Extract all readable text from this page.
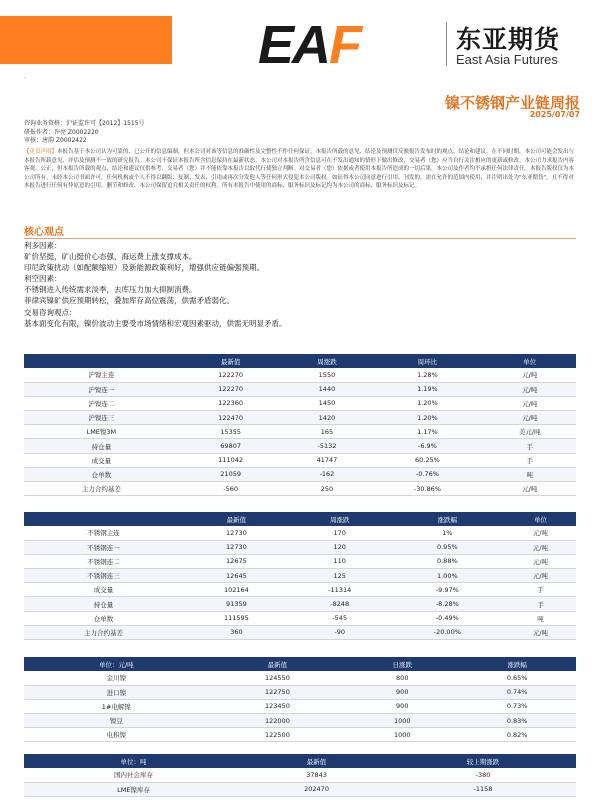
EAF	东亚期货
East Asia Futures
·
镍不锈钢产业链周报
2025/07/07
咨询业务资格：沪证监许可【2012】1515号
研报作者：许亮 Z0002220
审核：唐韵 Z0002422
【免责声明】本报告基于本公司认为可靠的、已公开的信息编制，但本公司对该等信息的准确性及完整性不作任何保证。本报告所载的意见、结论及预测仅反映报告发布时的观点、结论和建议。在不同时期，本公司可能会发出与本报告所载意见、评估及预测不一致的研究报告。本公司不保证本报告所含信息保持在最新状态。本公司对本报告所含信息可在不发出通知的情形下做出修改，交易者（您）应当自行关注相应的更新或修改。本公司力求报告内容客观、公正，但本报告所载的观点、结论和建议仅供参考，交易者（您）并不能依靠本报告以取代行使独立判断。对交易者（您）依据或者使用本报告所造成的一切后果，本公司及作者均不承担任何法律责任。本报告版权仅为本公司所有。未经本公司书面许可，任何机构或个人不得以翻版、复制、发表、引用或再次分发他人等任何形式侵犯本公司版权。如征得本公司同意进行引用、刊发的，需在允许的范围内使用，并注明出处为"东亚期货"，且不得对本报告进行任何有悖原意的引用、删节和修改。本公司保留追究相关责任的权利。所有本报告中使用的商标、服务标识及标记均为本公司的商标、服务标识及标记。
核心观点
利多因素：
矿价坚挺，矿山挺价心态强，海运费上涨支撑成本。
印尼政策扰动（如配额缩短）及新能源政策利好，增强供应链偏强预期。
利空因素：
不锈钢进入传统需求淡季，去库压力加大抑制消费。
菲律宾镍矿供应预期转松，叠加库存高位震荡，供需矛盾弱化。
交易咨询观点：
基本面变化有限，镍价波动主要受市场情绪和宏观因素驱动，供需无明显矛盾。
	最新值	周涨跌	周环比	单位
沪镍主连	122270	1550	1.28%	元/吨
沪镍连一	122270	1440	1.19%	元/吨
沪镍连二	122360	1450	1.20%	元/吨
沪镍连三	122470	1420	1.20%	元/吨
LME镍3M	15355	165	1.17%	美元/吨
持仓量	69807	-5132	-6.9%	手
成交量	111042	41747	60.25%	手
仓单数	21059	-162	-0.76%	吨
主力合约基差	-560	250	-30.86%	元/吨
	最新值	周涨跌	涨跌幅	单位
不锈钢主连	12730	170	1%	元/吨
不锈钢连一	12730	120	0.95%	元/吨
不锈钢连二	12675	110	0.88%	元/吨
不锈钢连三	12645	125	1.00%	元/吨
成交量	102164	-11314	-9.97%	手
持仓量	91359	-8248	-8.28%	手
仓单数	111595	-545	-0.49%	吨
主力合约基差	360	-90	-20.00%	元/吨
单位：元/吨	最新值	日涨跌	涨跌幅
金川镍	124550	800	0.65%
进口镍	122750	900	0.74%
1#电解镍	123450	900	0.73%
镍豆	122000	1000	0.83%
电积镍	122500	1000	0.82%
单位：吨	最新值	较上期涨跌
国内社会库存	37843	-380
LME镍库存	202470	-1158
